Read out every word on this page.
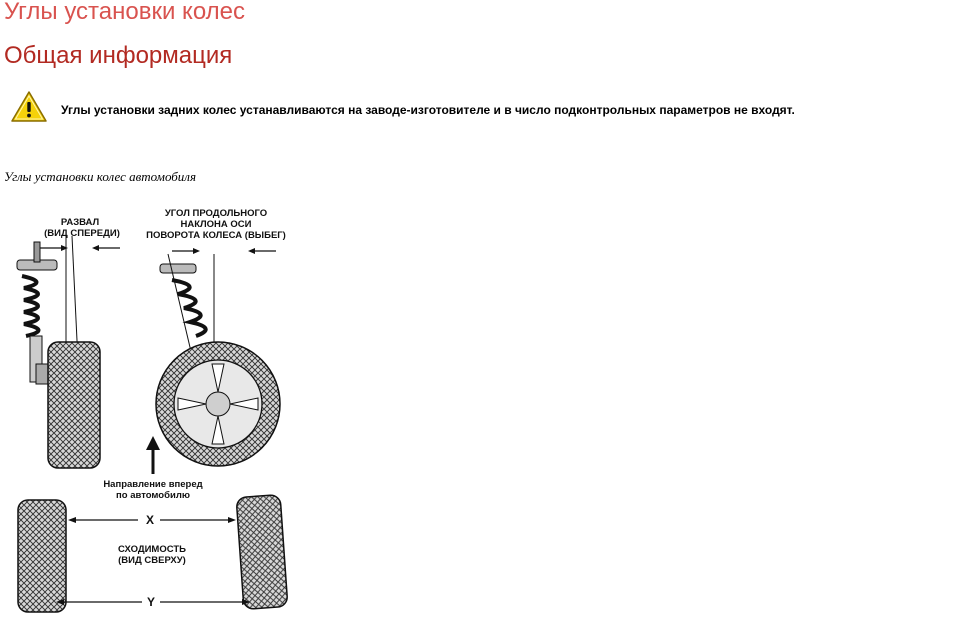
Углы установки колес
Общая информация
Углы установки задних колес устанавливаются на заводе-изготовителе и в число подконтрольных параметров не входят.
Углы установки колес автомобиля
РАЗВАЛ
(ВИД СПЕРЕДИ)
УГОЛ ПРОДОЛЬНОГО
НАКЛОНА ОСИ
ПОВОРОТА КОЛЕСА (ВЫБЕГ)
Направление вперед
по автомобилю
X
СХОДИМОСТЬ
(ВИД СВЕРХУ)
Y
